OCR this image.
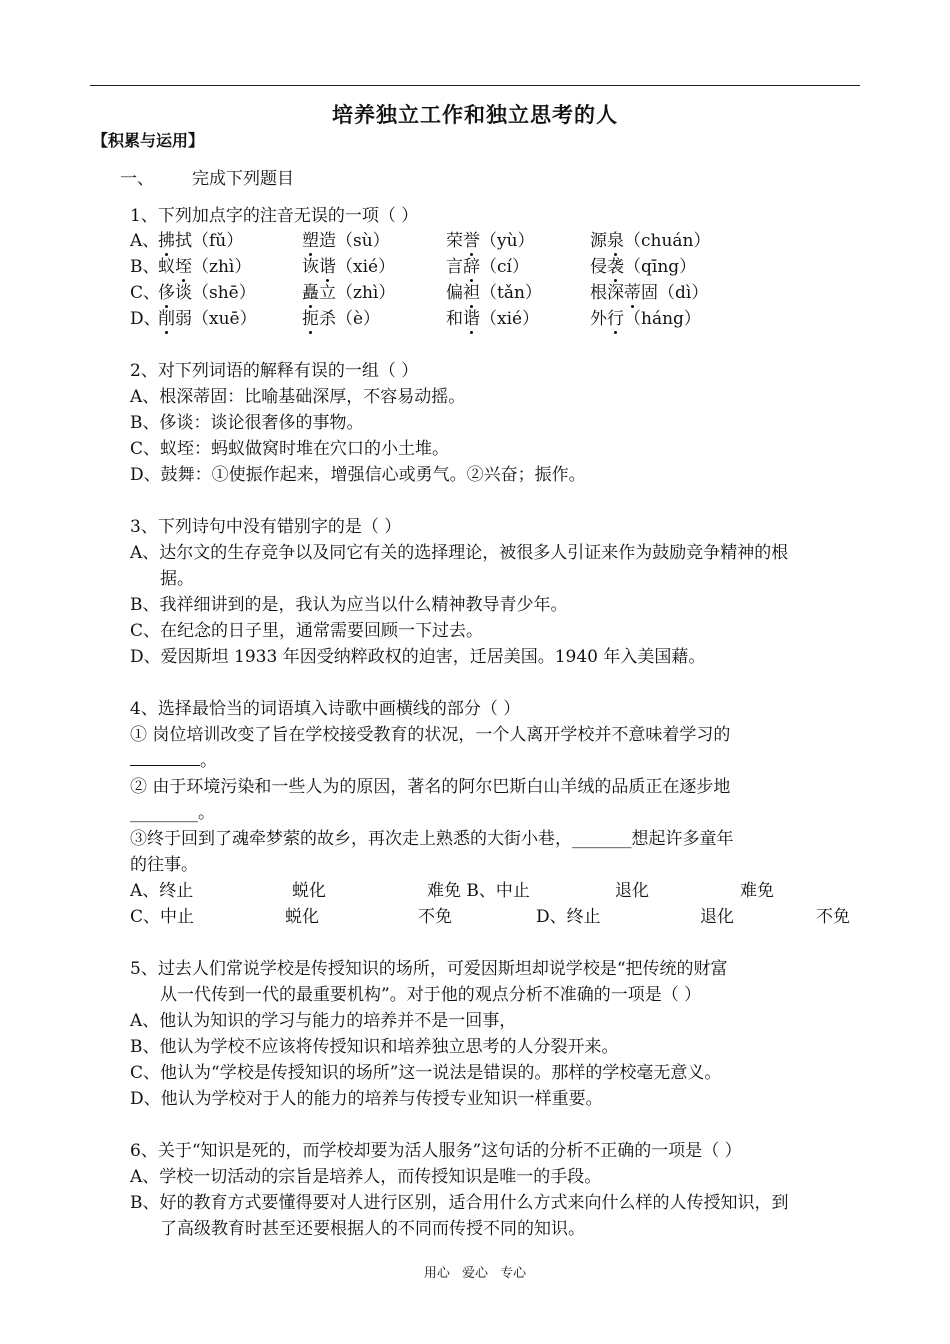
培养独立工作和独立思考的人
【积累与运用】
一、 完成下列题目
1、下列加点字的注音无误的一项（ ）
A、
拂拭（fǔ）	塑造（sù）	荣誉（yù）	源泉（chuán）
B、
蚁垤（zhì）	诙谐（xié）	言辞（cí）	侵袭（qīng）
C、
侈谈（shē）	矗立（zhì）	偏袒（tǎn）	根深蒂固（dì）
D、
削弱（xuē）	扼杀（è）	和谐（xié）	外行（háng）
2、对下列词语的解释有误的一组（ ）
A、根深蒂固：比喻基础深厚，不容易动摇。
B、侈谈：谈论很奢侈的事物。
C、蚁垤：蚂蚁做窝时堆在穴口的小土堆。
D、鼓舞：①使振作起来，增强信心或勇气。②兴奋；振作。
3、下列诗句中没有错别字的是（ ）
A、达尔文的生存竞争以及同它有关的选择理论，被很多人引证来作为鼓励竞争精神的根
据。
B、我祥细讲到的是，我认为应当以什么精神教导青少年。
C、在纪念的日子里，通常需要回顾一下过去。
D、爱因斯坦 1933 年因受纳粹政权的迫害，迁居美国。1940 年入美国藉。
4、选择最恰当的词语填入诗歌中画横线的部分（ ）
① 岗位培训改变了旨在学校接受教育的状况，一个人离开学校并不意味着学习的
。
② 由于环境污染和一些人为的原因，著名的阿尔巴斯白山羊绒的品质正在逐步地
________。
③终于回到了魂牵梦萦的故乡，再次走上熟悉的大街小巷，_______想起许多童年
的往事。
A、终止	蜕化	难免 B、中止	退化	难免
C、中止	蜕化	不免	D、终止	退化	不免
5、过去人们常说学校是传授知识的场所，可爱因斯坦却说学校是“把传统的财富
从一代传到一代的最重要机构”。对于他的观点分析不准确的一项是（ ）
A、他认为知识的学习与能力的培养并不是一回事，
B、他认为学校不应该将传授知识和培养独立思考的人分裂开来。
C、他认为“学校是传授知识的场所”这一说法是错误的。那样的学校毫无意义。
D、他认为学校对于人的能力的培养与传授专业知识一样重要。
6、关于“知识是死的，而学校却要为活人服务”这句话的分析不正确的一项是（ ）
A、学校一切活动的宗旨是培养人，而传授知识是唯一的手段。
B、好的教育方式要懂得要对人进行区别，适合用什么方式来向什么样的人传授知识，到
了高级教育时甚至还要根据人的不同而传授不同的知识。
用心 爱心 专心
